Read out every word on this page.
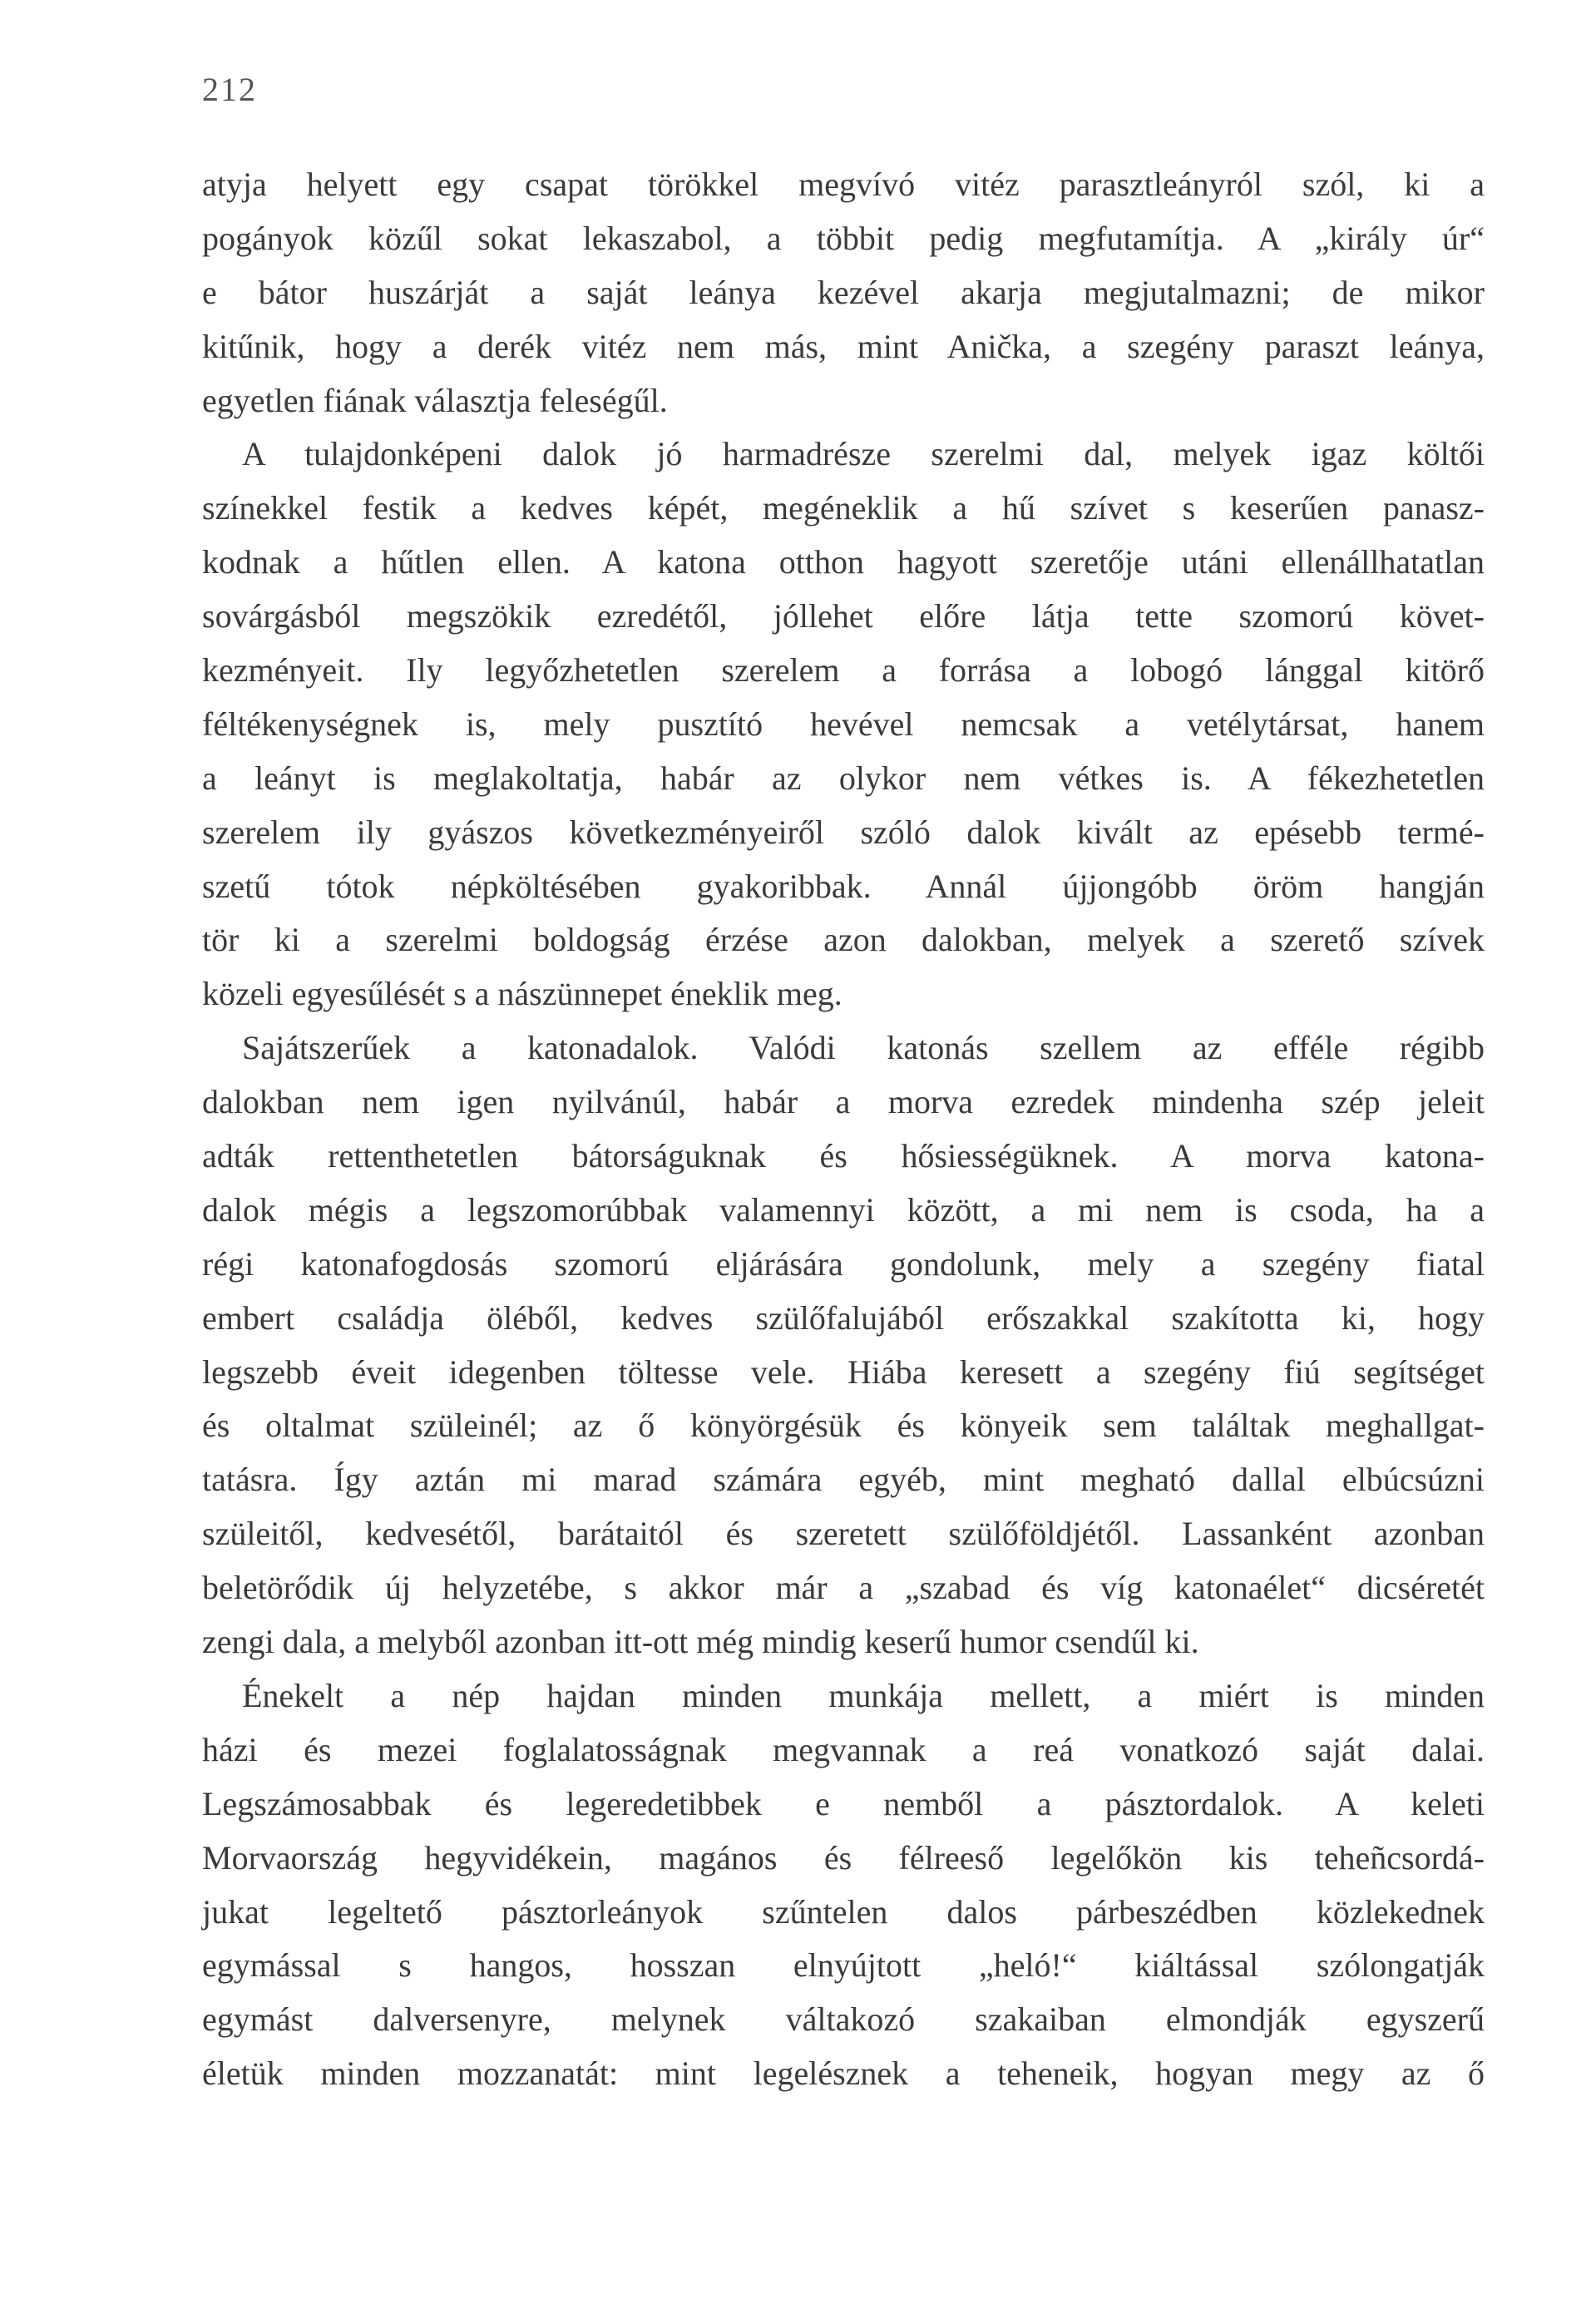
212
atyja helyett egy csapat törökkel megvívó vitéz parasztleányról szól, ki a
pogányok közűl sokat lekaszabol, a többit pedig megfutamítja. A „király úr“
e bátor huszárját a saját leánya kezével akarja megjutalmazni; de mikor
kitűnik, hogy a derék vitéz nem más, mint Anička, a szegény paraszt leánya,
egyetlen fiának választja feleségűl.
A tulajdonképeni dalok jó harmadrésze szerelmi dal, melyek igaz költői
színekkel festik a kedves képét, megéneklik a hű szívet s keserűen panasz-
kodnak a hűtlen ellen. A katona otthon hagyott szeretője utáni ellenállhatatlan
sovárgásból megszökik ezredétől, jóllehet előre látja tette szomorú követ-
kezményeit. Ily legyőzhetetlen szerelem a forrása a lobogó lánggal kitörő
féltékenységnek is, mely pusztító hevével nemcsak a vetélytársat, hanem
a leányt is meglakoltatja, habár az olykor nem vétkes is. A fékezhetetlen
szerelem ily gyászos következményeiről szóló dalok kivált az epésebb termé-
szetű tótok népköltésében gyakoribbak. Annál újjongóbb öröm hangján
tör ki a szerelmi boldogság érzése azon dalokban, melyek a szerető szívek
közeli egyesűlését s a nászünnepet éneklik meg.
Sajátszerűek a katonadalok. Valódi katonás szellem az efféle régibb
dalokban nem igen nyilvánúl, habár a morva ezredek mindenha szép jeleit
adták rettenthetetlen bátorságuknak és hősiességüknek. A morva katona-
dalok mégis a legszomorúbbak valamennyi között, a mi nem is csoda, ha a
régi katonafogdosás szomorú eljárására gondolunk, mely a szegény fiatal
embert családja öléből, kedves szülőfalujából erőszakkal szakította ki, hogy
legszebb éveit idegenben töltesse vele. Hiába keresett a szegény fiú segítséget
és oltalmat szüleinél; az ő könyörgésük és könyeik sem találtak meghallgat-
tatásra. Így aztán mi marad számára egyéb, mint megható dallal elbúcsúzni
szüleitől, kedvesétől, barátaitól és szeretett szülőföldjétől. Lassanként azonban
beletörődik új helyzetébe, s akkor már a „szabad és víg katonaélet“ dicséretét
zengi dala, a melyből azonban itt-ott még mindig keserű humor csendűl ki.
Énekelt a nép hajdan minden munkája mellett, a miért is minden
házi és mezei foglalatosságnak megvannak a reá vonatkozó saját dalai.
Legszámosabbak és legeredetibbek e nemből a pásztordalok. A keleti
Morvaország hegyvidékein, magános és félreeső legelőkön kis teheñcsordá-
jukat legeltető pásztorleányok szűntelen dalos párbeszédben közlekednek
egymással s hangos, hosszan elnyújtott „heló!“ kiáltással szólongatják
egymást dalversenyre, melynek váltakozó szakaiban elmondják egyszerű
életük minden mozzanatát: mint legelésznek a teheneik, hogyan megy az ő
